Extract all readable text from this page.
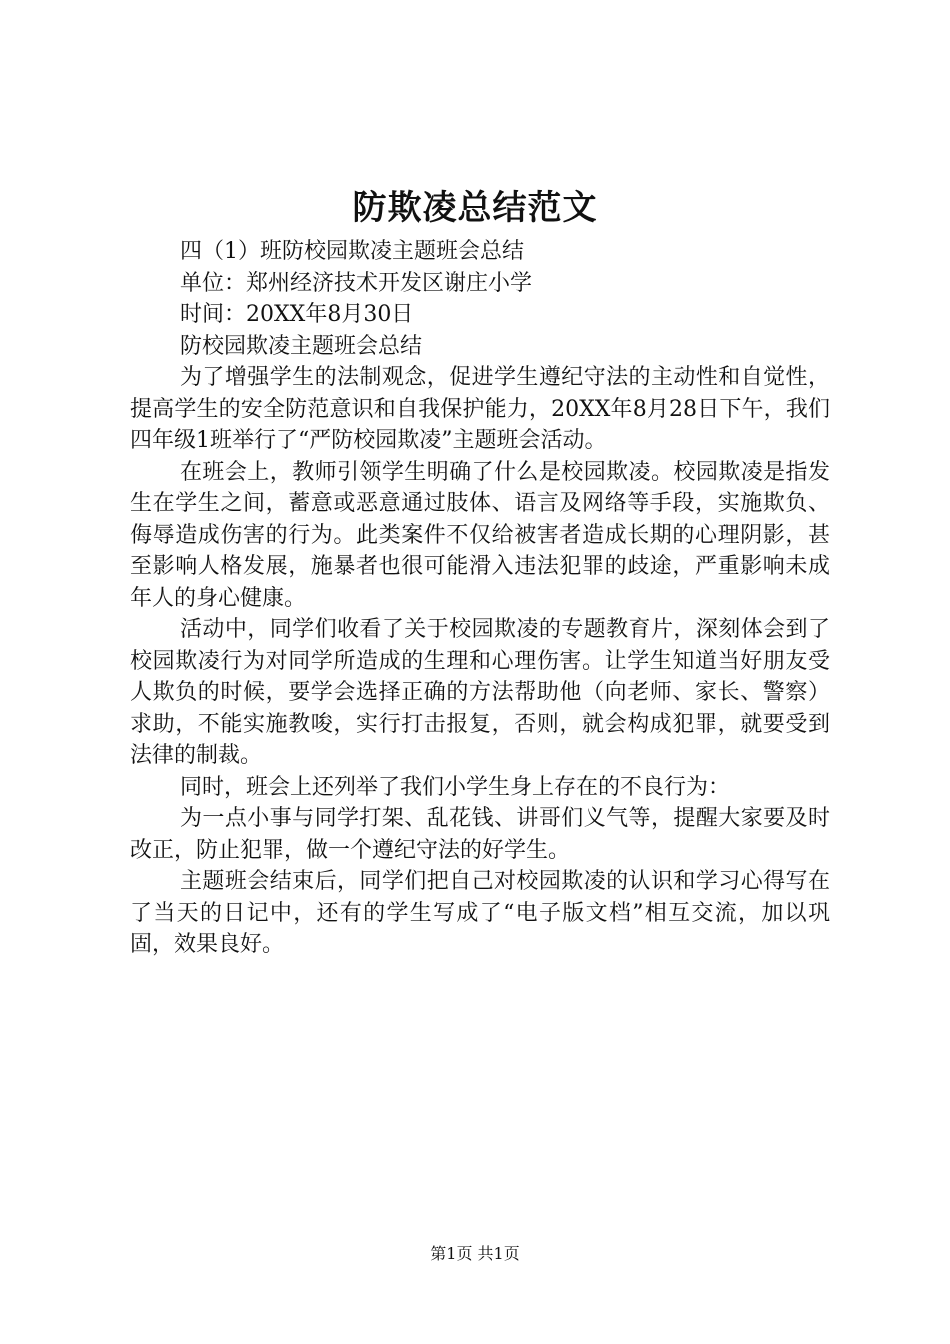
防欺凌总结范文

四（1）班防校园欺凌主题班会总结

单位：郑州经济技术开发区谢庄小学

时间：20XX年8月30日

防校园欺凌主题班会总结

为了增强学生的法制观念，促进学生遵纪守法的主动性和自觉性，提高学生的安全防范意识和自我保护能力，20XX年8月28日下午，我们四年级1班举行了“严防校园欺凌”主题班会活动。

在班会上，教师引领学生明确了什么是校园欺凌。校园欺凌是指发生在学生之间，蓄意或恶意通过肢体、语言及网络等手段，实施欺负、侮辱造成伤害的行为。此类案件不仅给被害者造成长期的心理阴影，甚至影响人格发展，施暴者也很可能滑入违法犯罪的歧途，严重影响未成年人的身心健康。

活动中，同学们收看了关于校园欺凌的专题教育片，深刻体会到了校园欺凌行为对同学所造成的生理和心理伤害。让学生知道当好朋友受人欺负的时候，要学会选择正确的方法帮助他（向老师、家长、警察）求助，不能实施教唆，实行打击报复，否则，就会构成犯罪，就要受到法律的制裁。

同时，班会上还列举了我们小学生身上存在的不良行为：

为一点小事与同学打架、乱花钱、讲哥们义气等，提醒大家要及时改正，防止犯罪，做一个遵纪守法的好学生。

主题班会结束后，同学们把自己对校园欺凌的认识和学习心得写在了当天的日记中，还有的学生写成了“电子版文档”相互交流，加以巩固，效果良好。

第1页 共1页
